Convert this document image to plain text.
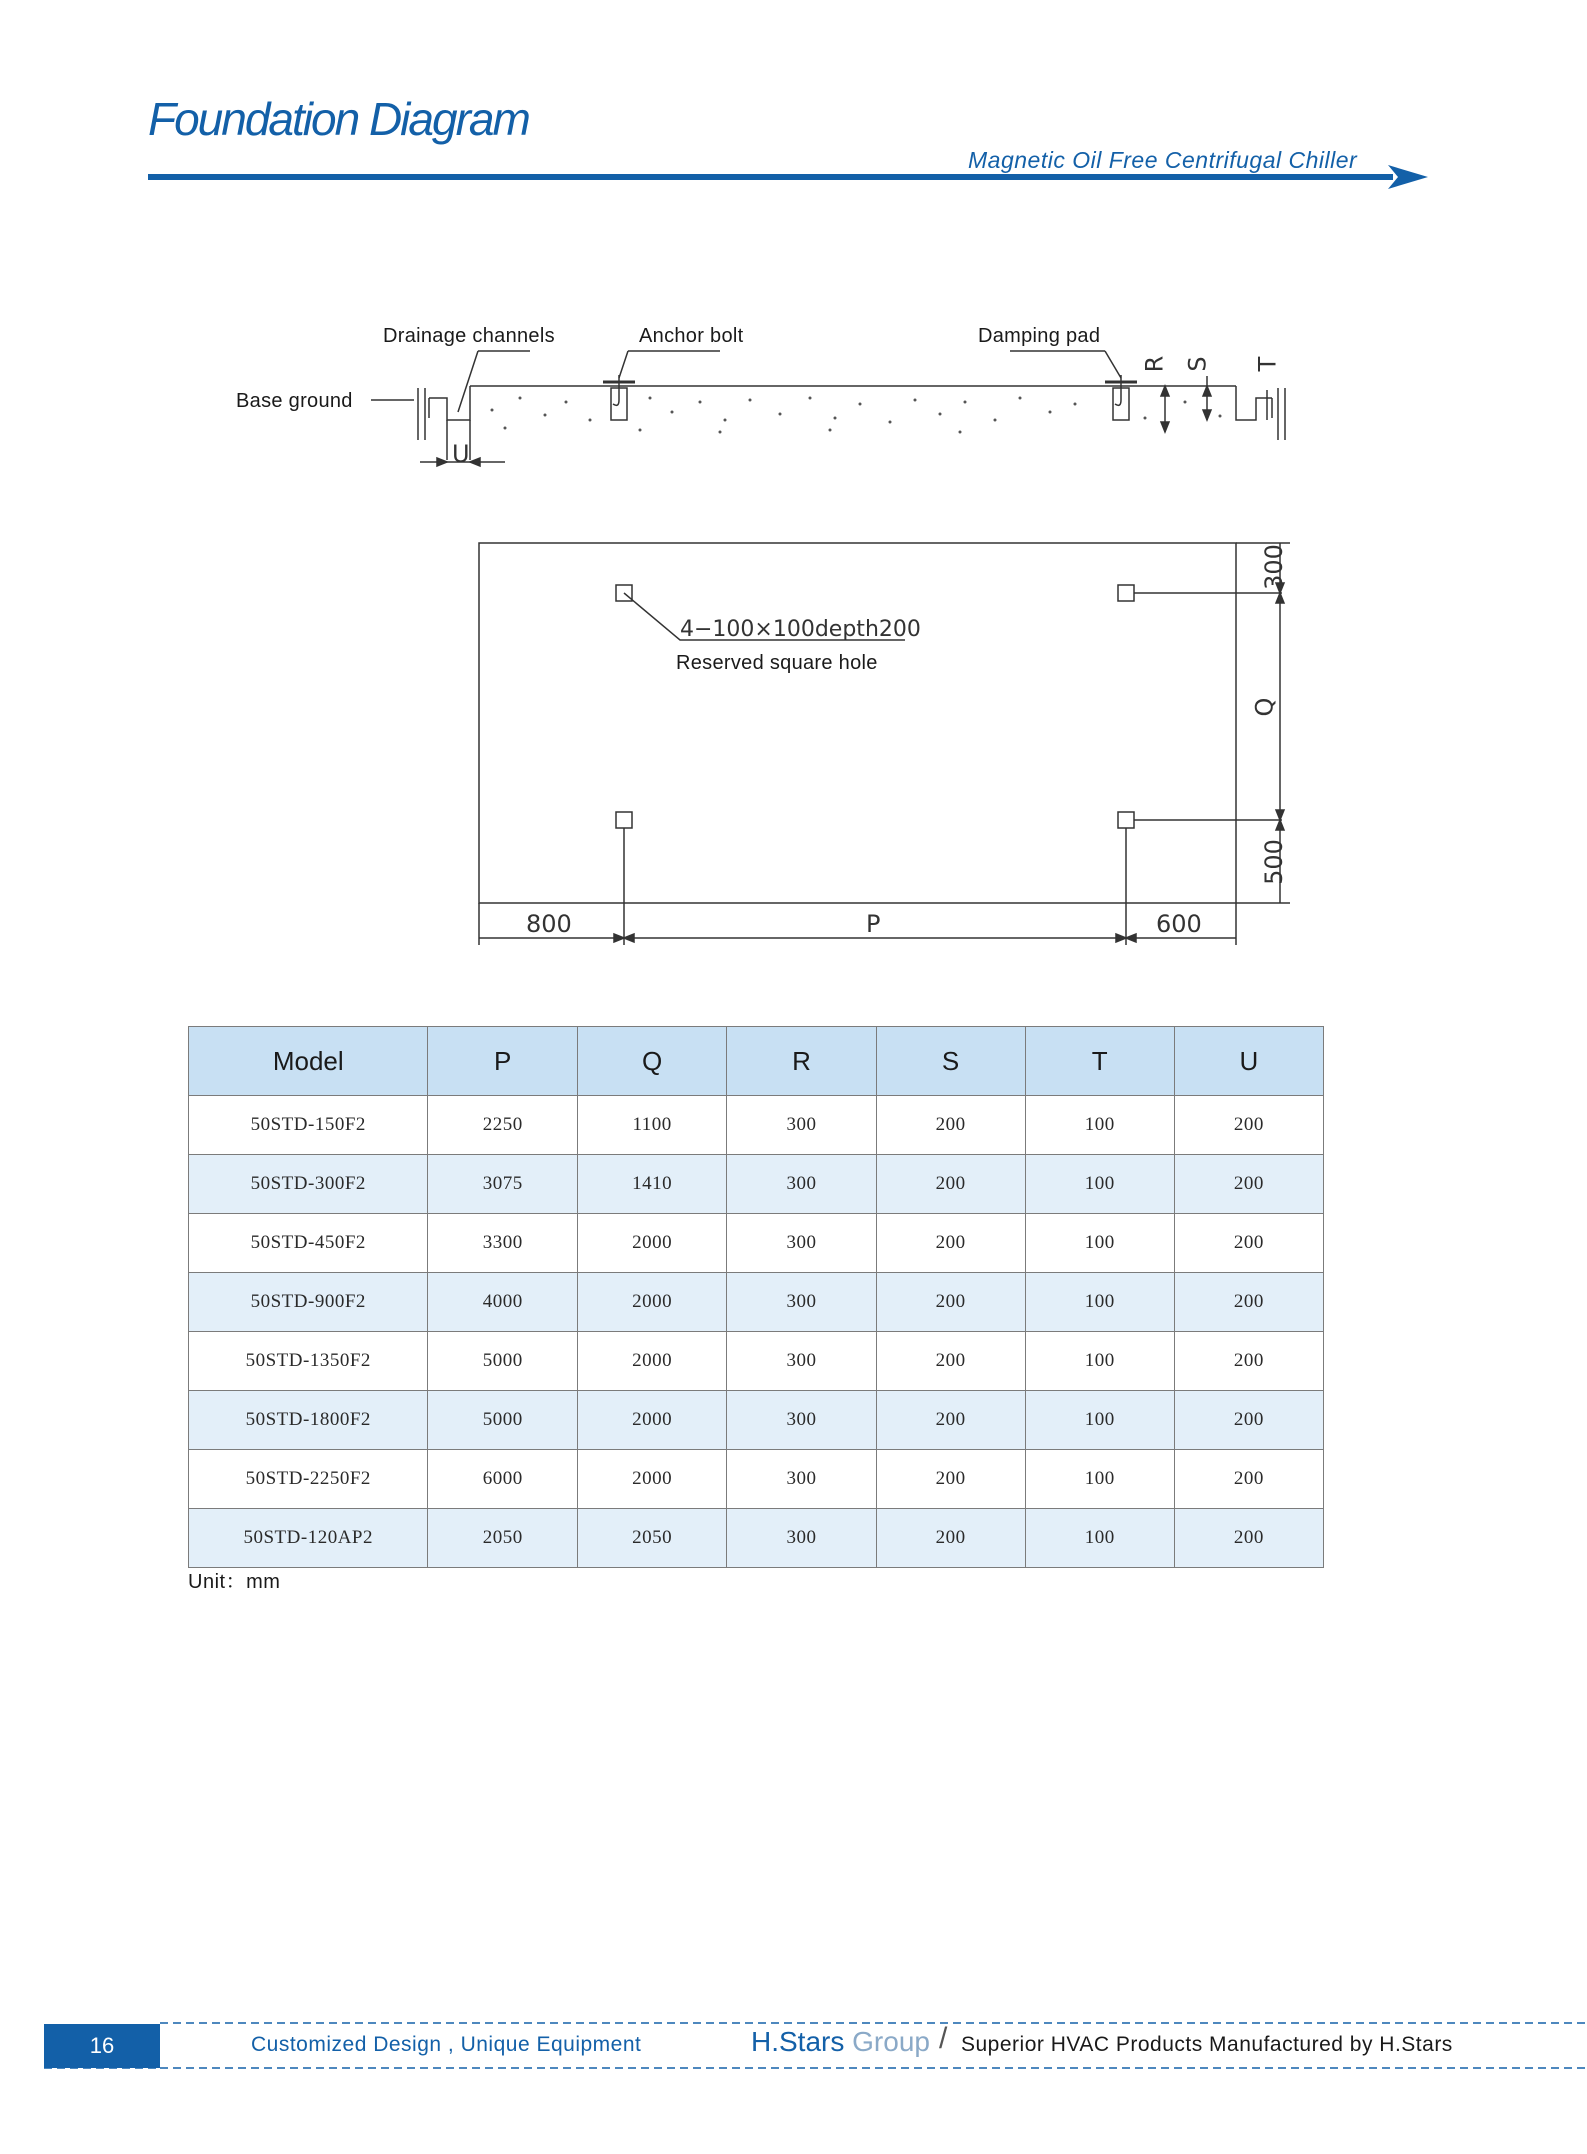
Foundation Diagram
Magnetic Oil Free Centrifugal Chiller
Drainage channels	Anchor bolt	Damping pad
Base ground
U
R S T
4−100×100depth200
Reserved square hole
300
Q
500
800	P	600
Model	P	Q	R	S	T	U
50STD-150F2	2250	1100	300	200	100	200
50STD-300F2	3075	1410	300	200	100	200
50STD-450F2	3300	2000	300	200	100	200
50STD-900F2	4000	2000	300	200	100	200
50STD-1350F2	5000	2000	300	200	100	200
50STD-1800F2	5000	2000	300	200	100	200
50STD-2250F2	6000	2000	300	200	100	200
50STD-120AP2	2050	2050	300	200	100	200
Unit：mm
16	Customized Design , Unique Equipment	H.Stars Group / Superior HVAC Products Manufactured by H.Stars
